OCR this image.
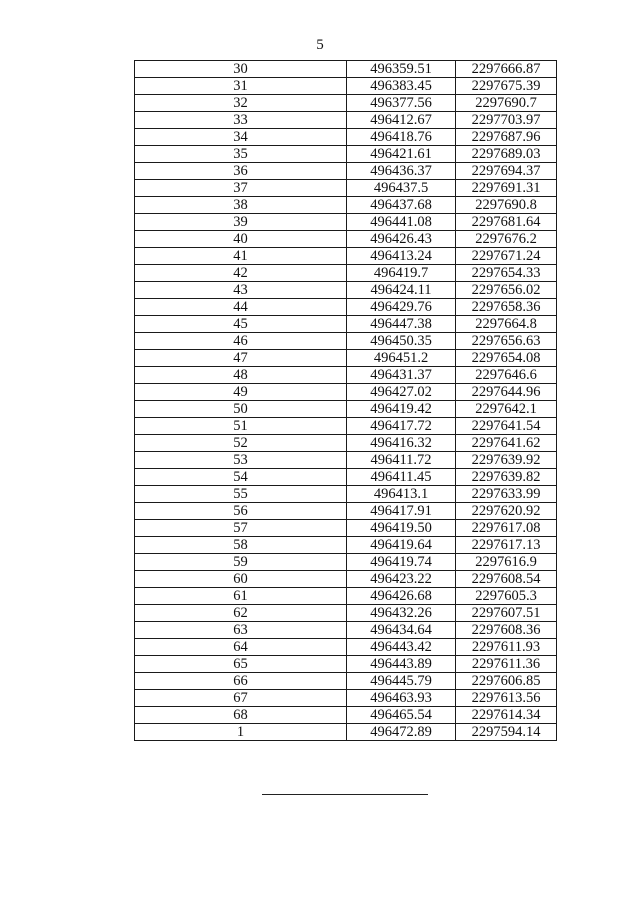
5
30	496359.51	2297666.87
31	496383.45	2297675.39
32	496377.56	2297690.7
33	496412.67	2297703.97
34	496418.76	2297687.96
35	496421.61	2297689.03
36	496436.37	2297694.37
37	496437.5	2297691.31
38	496437.68	2297690.8
39	496441.08	2297681.64
40	496426.43	2297676.2
41	496413.24	2297671.24
42	496419.7	2297654.33
43	496424.11	2297656.02
44	496429.76	2297658.36
45	496447.38	2297664.8
46	496450.35	2297656.63
47	496451.2	2297654.08
48	496431.37	2297646.6
49	496427.02	2297644.96
50	496419.42	2297642.1
51	496417.72	2297641.54
52	496416.32	2297641.62
53	496411.72	2297639.92
54	496411.45	2297639.82
55	496413.1	2297633.99
56	496417.91	2297620.92
57	496419.50	2297617.08
58	496419.64	2297617.13
59	496419.74	2297616.9
60	496423.22	2297608.54
61	496426.68	2297605.3
62	496432.26	2297607.51
63	496434.64	2297608.36
64	496443.42	2297611.93
65	496443.89	2297611.36
66	496445.79	2297606.85
67	496463.93	2297613.56
68	496465.54	2297614.34
1	496472.89	2297594.14
